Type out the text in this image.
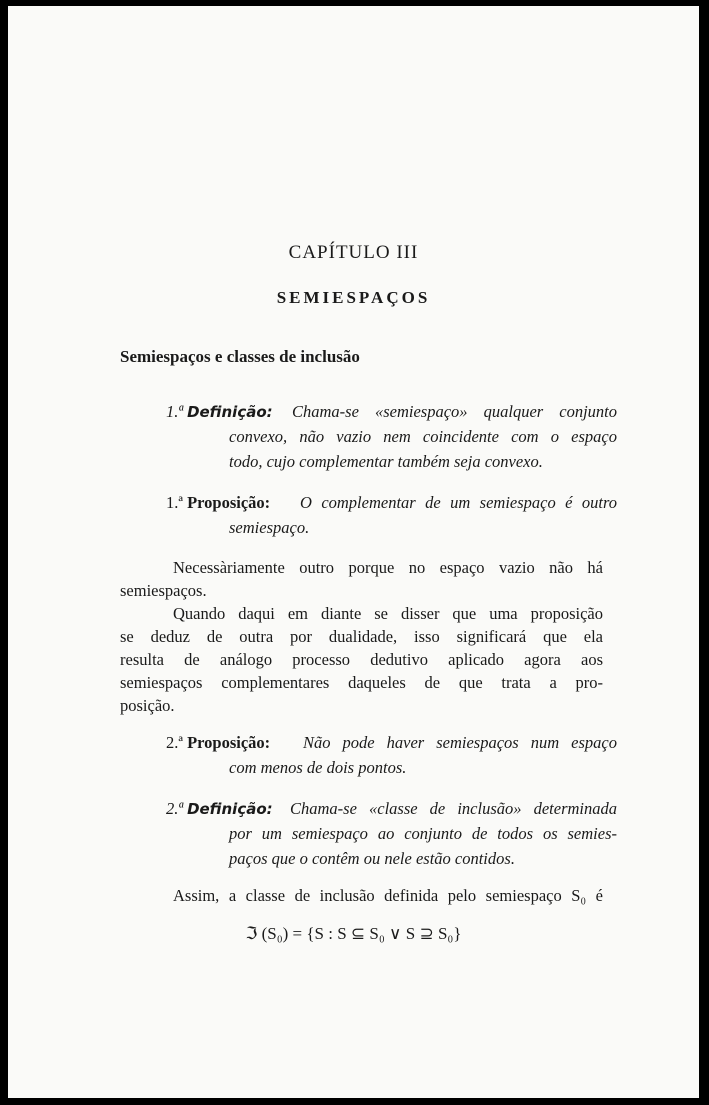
CAPÍTULO III
SEMIESPAÇOS
Semiespaços e classes de inclusão
1.ª Definição: Chama-se «semiespaço» qualquer conjunto
convexo, não vazio nem coincidente com o espaço
todo, cujo complementar também seja convexo.
1.ª Proposição: O complementar de um semiespaço é outro
semiespaço.
Necessàriamente outro porque no espaço vazio não há
semiespaços.
Quando daqui em diante se disser que uma proposição
se deduz de outra por dualidade, isso significará que ela
resulta de análogo processo dedutivo aplicado agora aos
semiespaços complementares daqueles de que trata a pro-
posição.
2.ª Proposição: Não pode haver semiespaços num espaço
com menos de dois pontos.
2.ª Definição: Chama-se «classe de inclusão» determinada
por um semiespaço ao conjunto de todos os semies-
paços que o contêm ou nele estão contidos.
Assim, a classe de inclusão definida pelo semiespaço S₀ é
ℑ (S₀) = {S : S ⊆ S₀ ∨ S ⊇ S₀}
